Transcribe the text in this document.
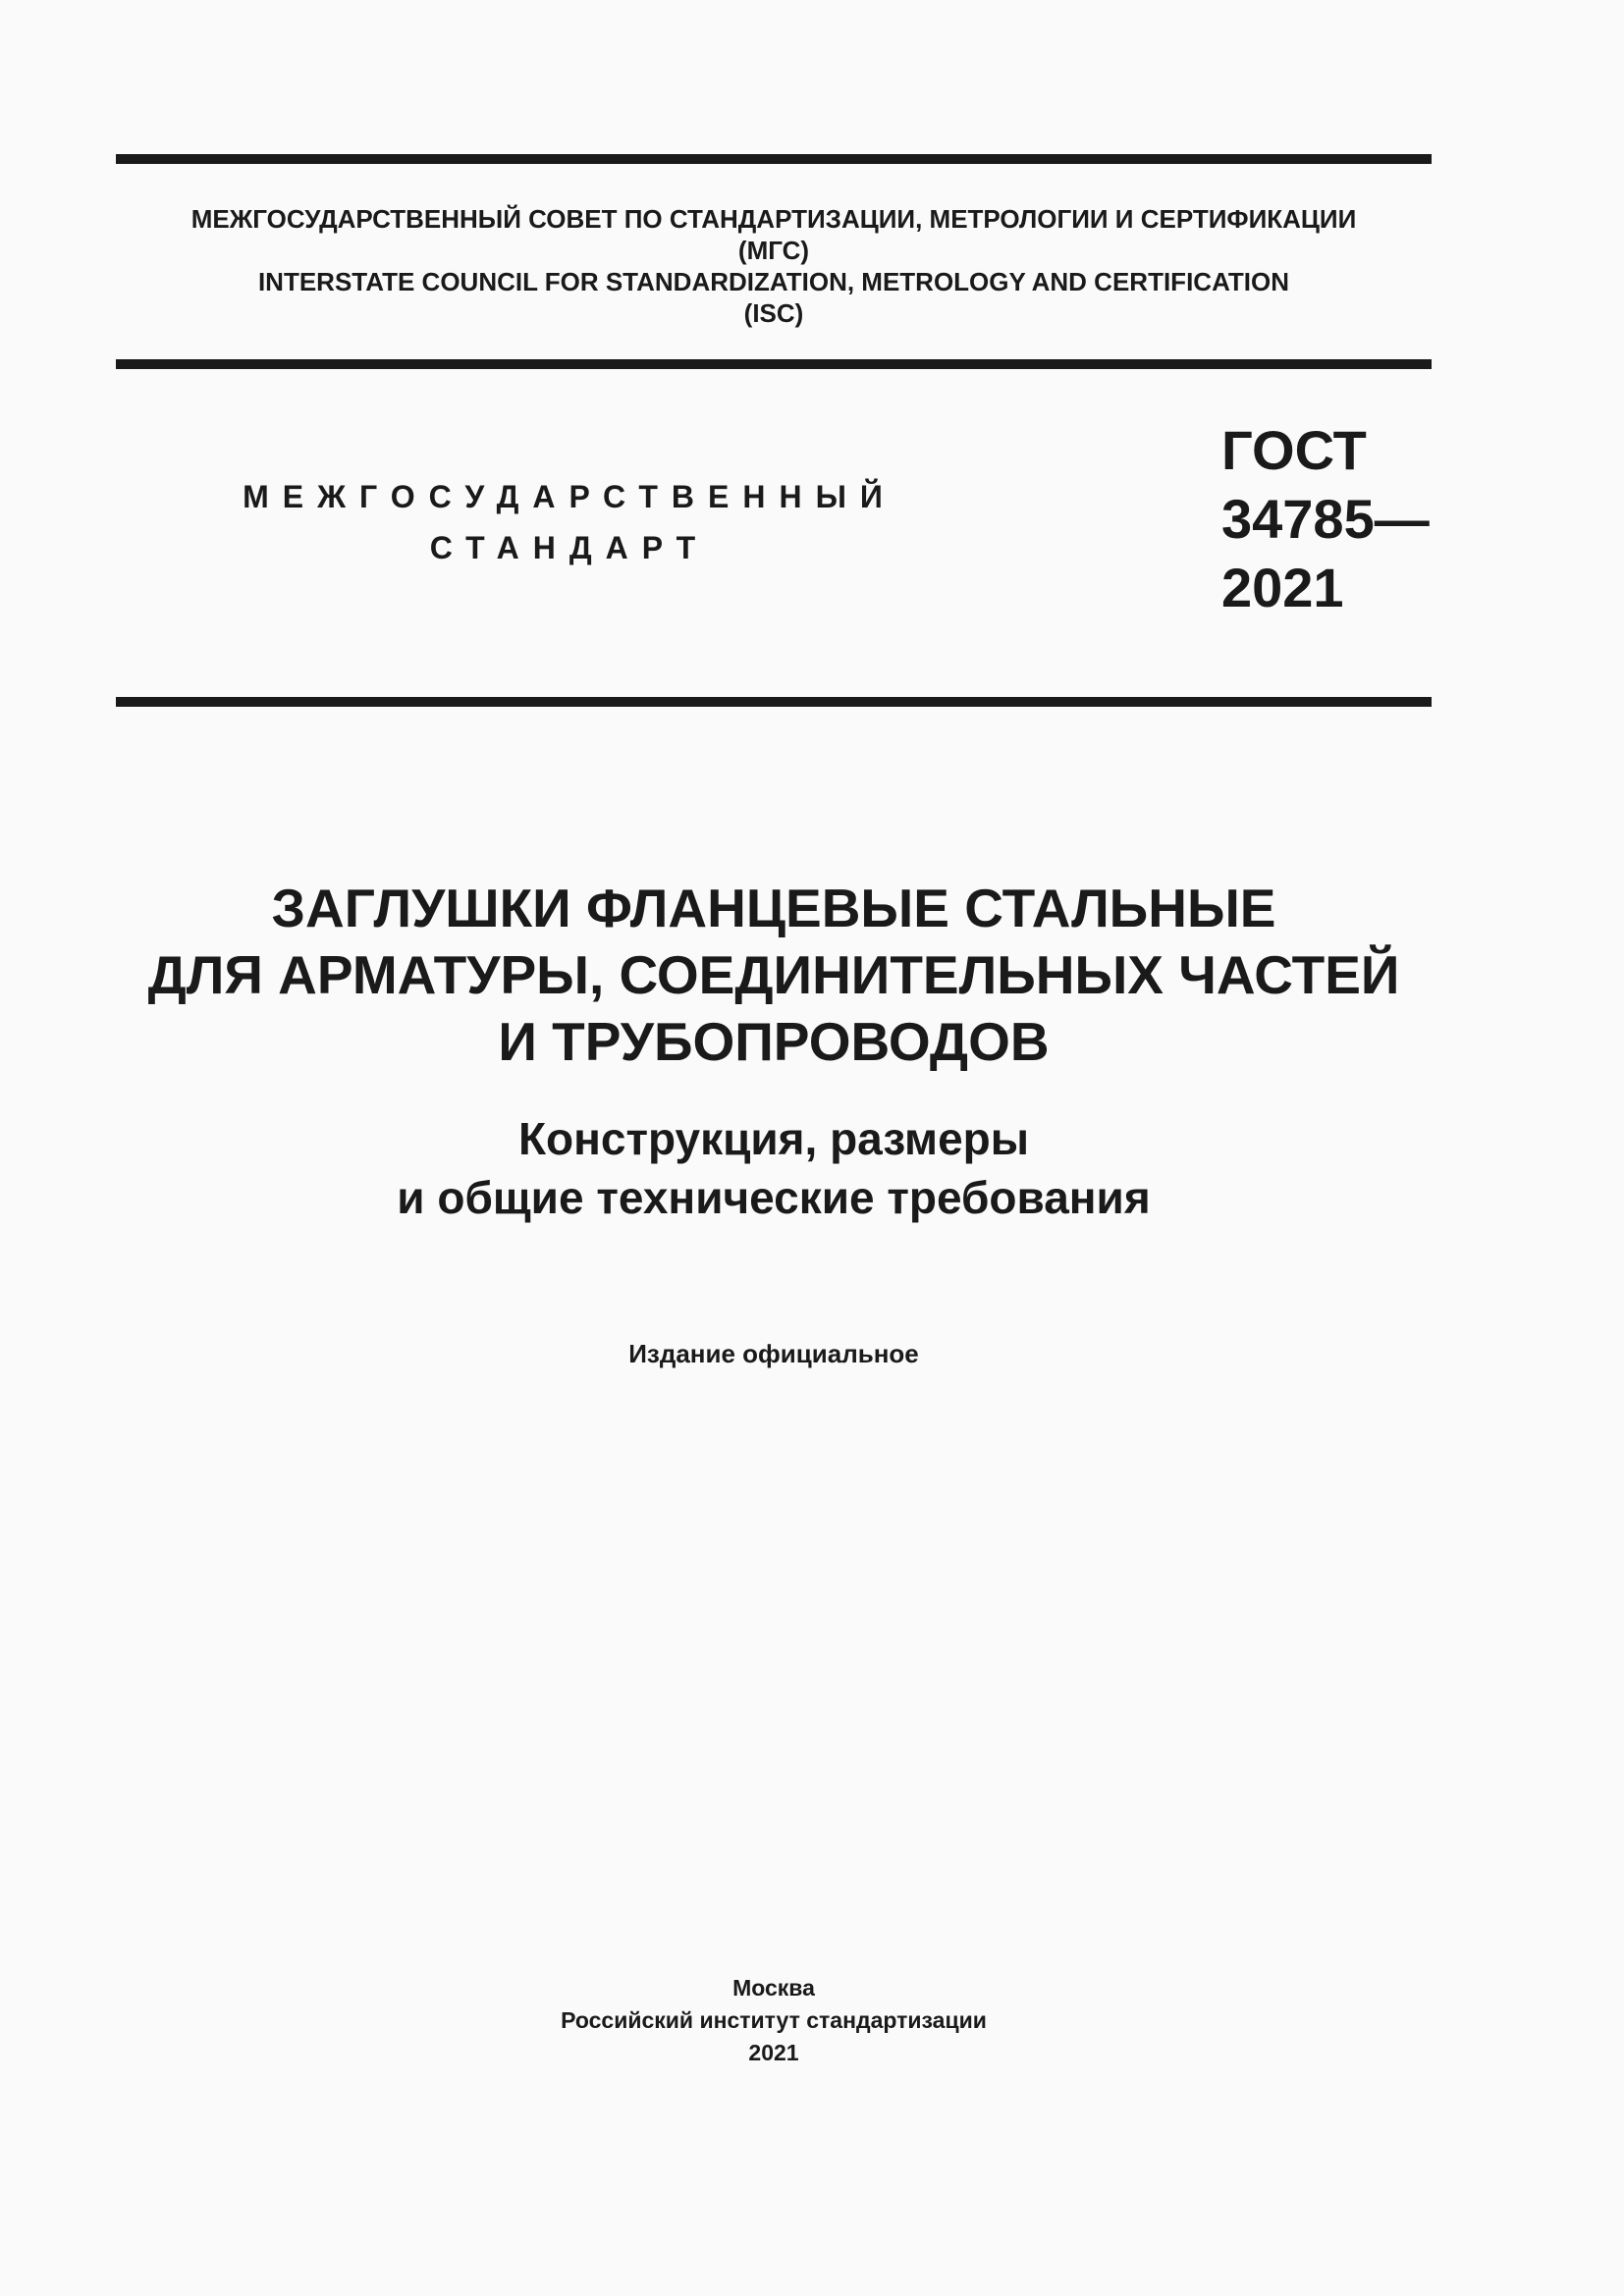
МЕЖГОСУДАРСТВЕННЫЙ СОВЕТ ПО СТАНДАРТИЗАЦИИ, МЕТРОЛОГИИ И СЕРТИФИКАЦИИ
(МГС)
INTERSTATE COUNCIL FOR STANDARDIZATION, METROLOGY AND CERTIFICATION
(ISC)
МЕЖГОСУДАРСТВЕННЫЙ
СТАНДАРТ
ГОСТ
34785—
2021
ЗАГЛУШКИ ФЛАНЦЕВЫЕ СТАЛЬНЫЕ
ДЛЯ АРМАТУРЫ, СОЕДИНИТЕЛЬНЫХ ЧАСТЕЙ
И ТРУБОПРОВОДОВ
Конструкция, размеры
и общие технические требования
Издание официальное
Москва
Российский институт стандартизации
2021
